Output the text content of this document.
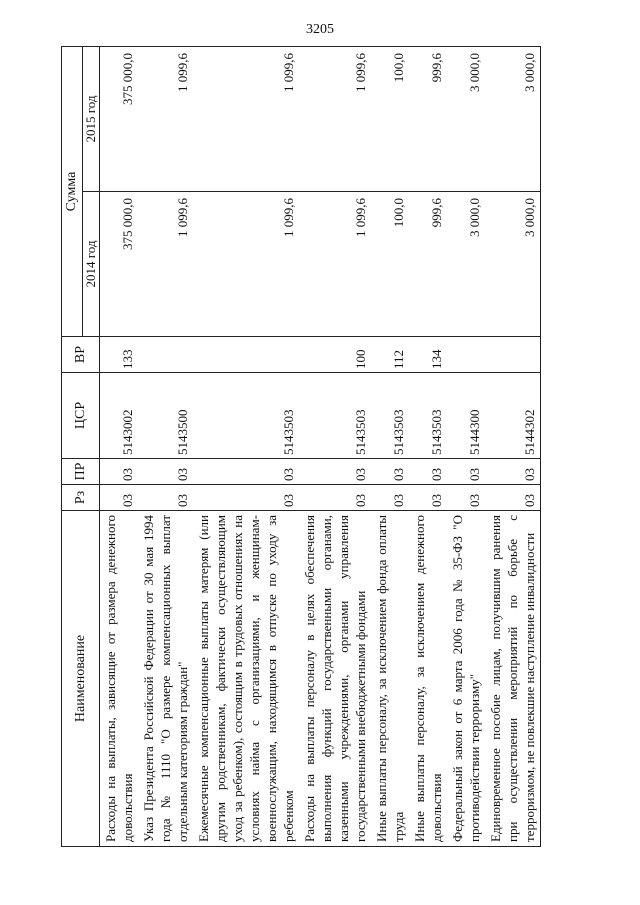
3205
Наименование	Рз	ПР	ЦСР	ВР	Сумма	
					2014 год	2015 год
Расходы на выплаты, зависящие от размера денежного довольствия	03	03	5143002	133	375 000,0	375 000,0
Указ Президента Российской Федерации от 30 мая 1994 года № 1110 "О размере компенсационных выплат отдельным категориям граждан"	03	03	5143500		1 099,6	1 099,6
Ежемесячные компенсационные выплаты матерям (или другим родственникам, фактически осуществляющим уход за ребенком), состоящим в трудовых отношениях на условиях найма с организациями, и женщинам-военнослужащим, находящимся в отпуске по уходу за ребенком	03	03	5143503		1 099,6	1 099,6
Расходы на выплаты персоналу в целях обеспечения выполнения функций государственными органами, казенными учреждениями, органами управления государственными внебюджетными фондами	03	03	5143503	100	1 099,6	1 099,6
Иные выплаты персоналу, за исключением фонда оплаты труда	03	03	5143503	112	100,0	100,0
Иные выплаты персоналу, за исключением денежного довольствия	03	03	5143503	134	999,6	999,6
Федеральный закон от 6 марта 2006 года № 35-ФЗ "О противодействии терроризму"	03	03	5144300		3 000,0	3 000,0
Единовременное пособие лицам, получившим ранения при осуществлении мероприятий по борьбе с терроризмом, не повлекшие наступление инвалидности	03	03	5144302		3 000,0	3 000,0
